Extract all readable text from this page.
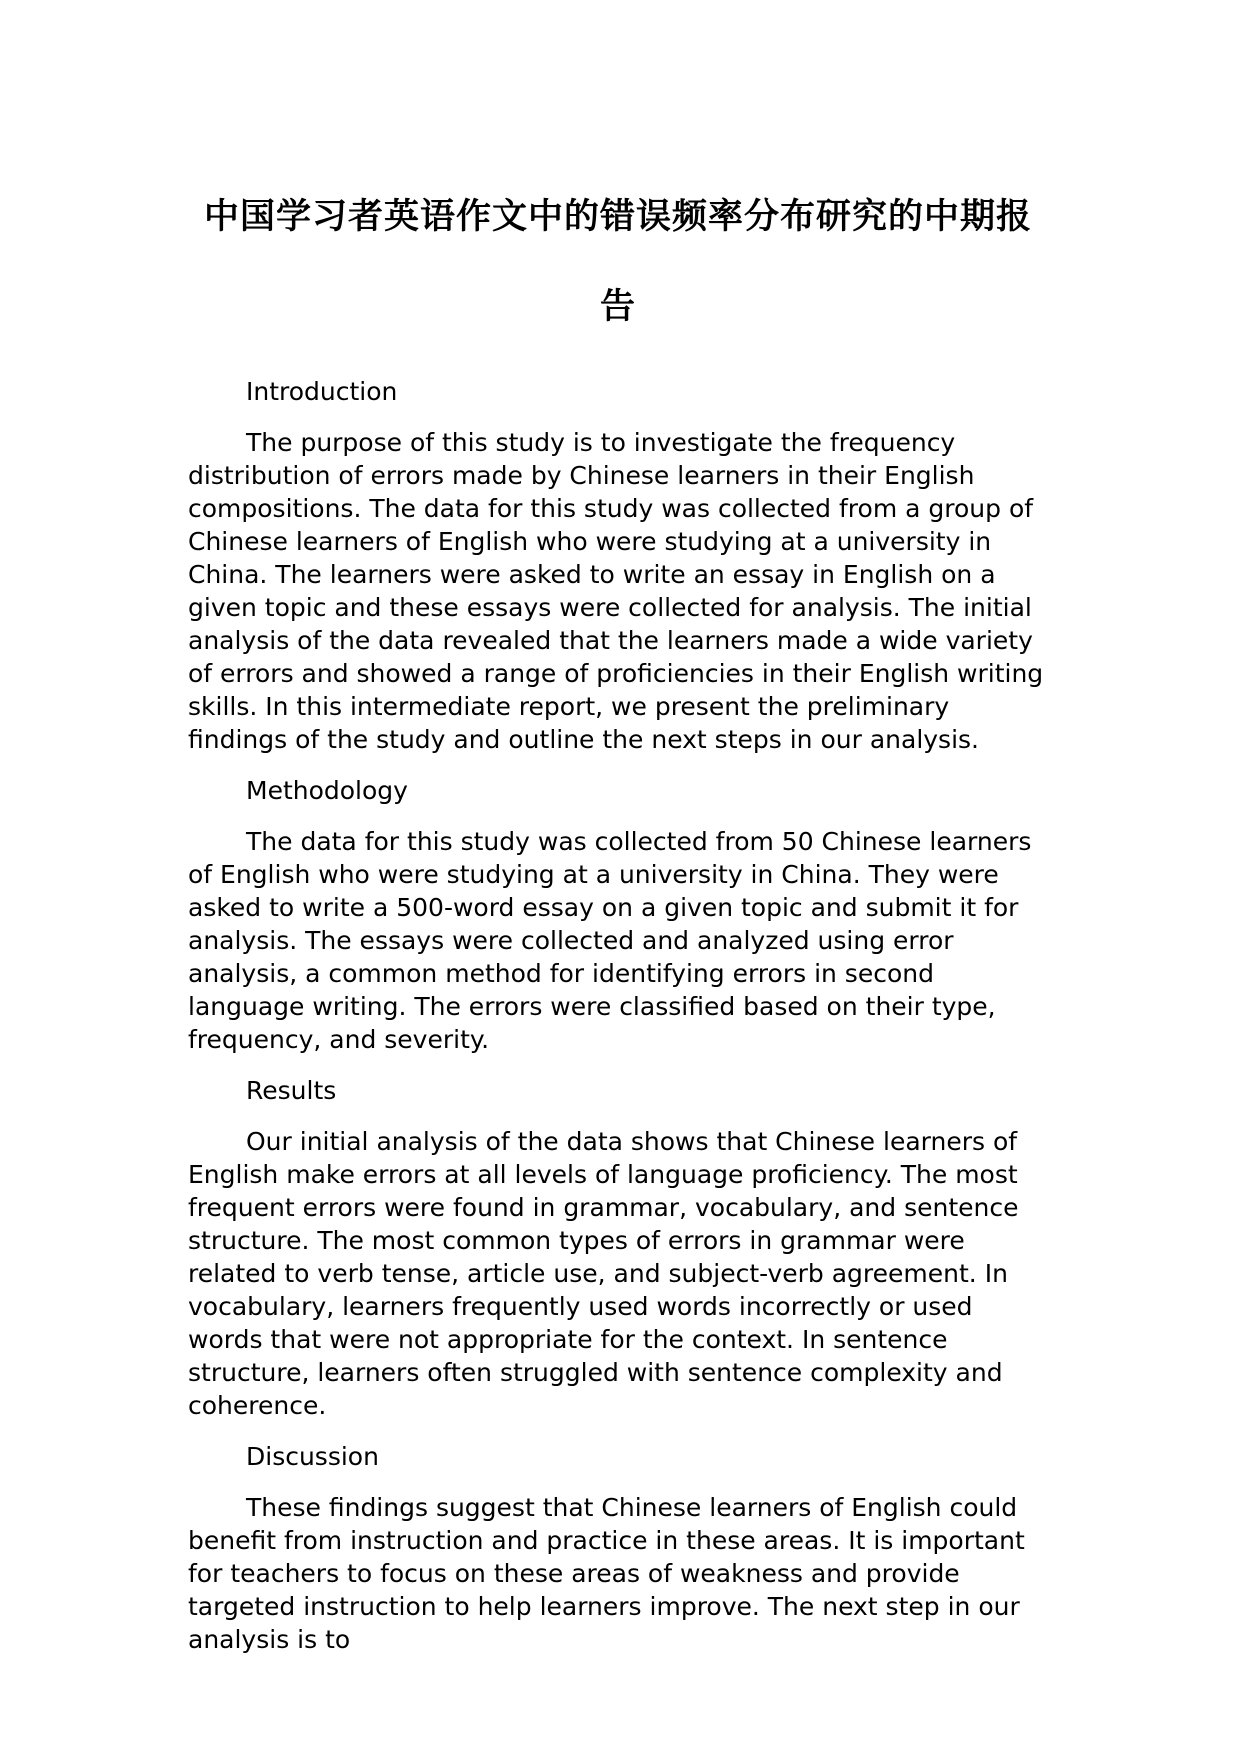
中国学习者英语作文中的错误频率分布研究的中期报告

Introduction

The purpose of this study is to investigate the frequency distribution of errors made by Chinese learners in their English compositions. The data for this study was collected from a group of Chinese learners of English who were studying at a university in China. The learners were asked to write an essay in English on a given topic and these essays were collected for analysis. The initial analysis of the data revealed that the learners made a wide variety of errors and showed a range of proficiencies in their English writing skills. In this intermediate report, we present the preliminary findings of the study and outline the next steps in our analysis.

Methodology

The data for this study was collected from 50 Chinese learners of English who were studying at a university in China. They were asked to write a 500-word essay on a given topic and submit it for analysis. The essays were collected and analyzed using error analysis, a common method for identifying errors in second language writing. The errors were classified based on their type, frequency, and severity.

Results

Our initial analysis of the data shows that Chinese learners of English make errors at all levels of language proficiency. The most frequent errors were found in grammar, vocabulary, and sentence structure. The most common types of errors in grammar were related to verb tense, article use, and subject-verb agreement. In vocabulary, learners frequently used words incorrectly or used words that were not appropriate for the context. In sentence structure, learners often struggled with sentence complexity and coherence.

Discussion

These findings suggest that Chinese learners of English could benefit from instruction and practice in these areas. It is important for teachers to focus on these areas of weakness and provide targeted instruction to help learners improve. The next step in our analysis is to
